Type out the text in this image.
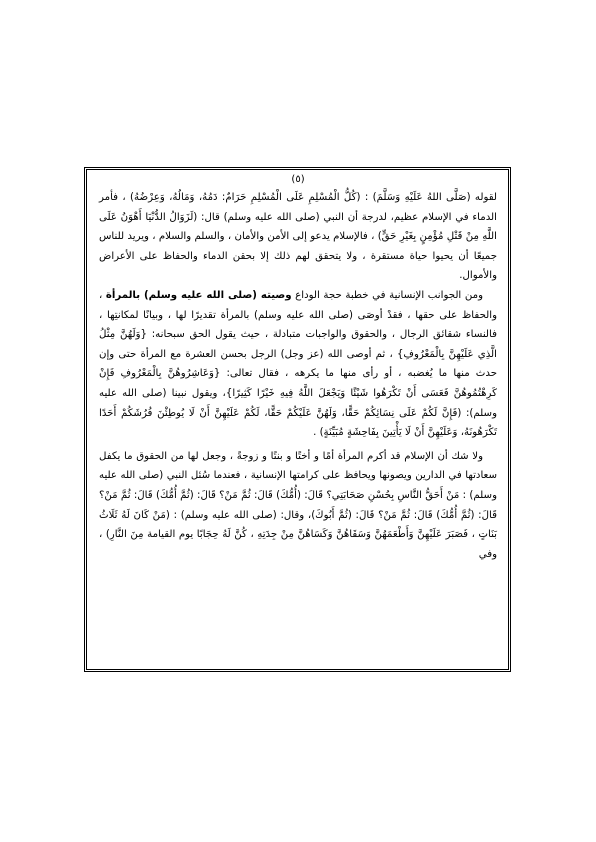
(٥)

لقوله (صَلَّى اللهُ عَلَيْهِ وَسَلَّمَ) : (كُلُّ الْمُسْلِمِ عَلَى الْمُسْلِمِ حَرَامٌ: دَمُهُ، وَمَالُهُ، وَعِرْضُهُ) ، فأمر الدماء في الإسلام عظيم، لدرجة أن النبي (صلى الله عليه وسلم) قال: (لَزَوَالُ الدُّنْيَا أَهْوَنُ عَلَى اللَّهِ مِنْ قَتْلِ مُؤْمِنٍ بِغَيْرِ حَقٍّ) ، فالإسلام يدعو إلى الأمن والأمان ، والسلم والسلام ، ويريد للناس جميعًا أن يحيوا حياة مستقرة ، ولا يتحقق لهم ذلك إلا بحقن الدماء والحفاظ على الأعراض والأموال.

ومن الجوانب الإنسانية في خطبة حجة الوداع وصيته (صلى الله عليه وسلم) بالمرأة ، والحفاظ على حقها ، فقدْ أوصَى (صلى الله عليه وسلم) بالمرأة تقديرًا لها ، وبيانًا لمكانتِها ، فالنساء شقائق الرجال ، والحقوق والواجبات متبادلة ، حيث يقول الحق سبحانه: {وَلَهُنَّ مِثْلُ الَّذِي عَلَيْهِنَّ بِالْمَعْرُوفِ} ، ثم أوصى الله (عز وجل) الرجل بحسن العشرة مع المرأة حتى وإن حدث منها ما يُغضبه ، أو رأى منها ما يكرهه ، فقال تعالى: {وَعَاشِرُوهُنَّ بِالْمَعْرُوفِ فَإِنْ كَرِهْتُمُوهُنَّ فَعَسَى أَنْ تَكْرَهُوا شَيْئًا وَيَجْعَلَ اللَّهُ فِيهِ خَيْرًا كَثِيرًا}، ويقول نبينا (صلى الله عليه وسلم): (فَإِنَّ لَكُمْ عَلَى نِسَائِكُمْ حَقًّا، وَلَهُنَّ عَلَيْكُمْ حَقًّا، لَكُمْ عَلَيْهِنَّ أَنْ لَا يُوطِئْنَ فُرُشَكُمْ أَحَدًا تَكْرَهُونَهُ، وَعَلَيْهِنَّ أَنْ لَا يَأْتِينَ بِفَاحِشَةٍ مُبَيِّنَةٍ) .

ولا شك أن الإسلام قد أكرم المرأة أمًا و أختًا و بنتًا و زوجةً ، وجعل لها من الحقوق ما يكفل سعادتها في الدارين ويصونها ويحافظ على كرامتها الإنسانية ، فعندما سُئل النبي (صلى الله عليه وسلم) : مَنْ أَحَقُّ النَّاسِ بِحُسْنِ صَحَابَتِي؟ قَالَ: (أُمُّكَ) قَالَ: ثُمَّ مَنْ؟ قَالَ: (ثُمَّ أُمُّكَ) قَالَ: ثُمَّ مَنْ؟ قَالَ: (ثُمَّ أُمُّكَ) قَالَ: ثُمَّ مَنْ؟ قَالَ: (ثُمَّ أَبُوكَ)، وقال: (صلى الله عليه وسلم) : (مَنْ كَانَ لَهُ ثَلَاثُ بَنَاتٍ ، فَصَبَرَ عَلَيْهِنَّ وَأَطْعَمَهُنَّ وَسَقَاهُنَّ وَكَسَاهُنَّ مِنْ جِدَتِهِ ، كُنَّ لَهُ حِجَابًا يوم القيامة مِنَ النَّارِ) ، وفي
